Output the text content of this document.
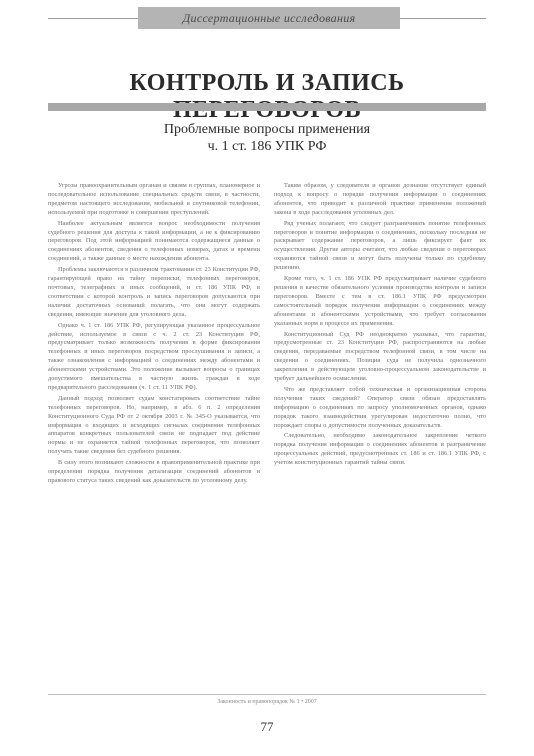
Диссертационные исследования
КОНТРОЛЬ И ЗАПИСЬ
Проблемные вопросы применения
ч. 1 ст. 186 УПК РФ

Угрозы правоохранительным органам и связям в группах, планомерное и последовательное использование специальных средств связи, в частности, предметом настоящего исследования, мобильной и спутниковой телефонии, используемой при подготовке и совершении преступлений.

Наиболее актуальным является вопрос необходимости получения судебного решения для доступа к такой информации, а не к фиксированию переговоров. Под этой информацией понимаются содержащиеся данные о соединениях абонентов, сведения о телефонных номерах, датах и времени соединений, а также данные о месте нахождения абонента.

Проблемы заключаются в различном трактовании ст. 23 Конституции РФ, гарантирующей право на тайну переписки, телефонных переговоров, почтовых, телеграфных и иных сообщений, и ст. 186 УПК РФ, в соответствии с которой контроль и запись переговоров допускаются при наличии достаточных оснований полагать, что они могут содержать сведения, имеющие значение для уголовного дела.

Однако ч. 1 ст. 186 УПК РФ, регулирующая указанное процессуальное действие, используемое в связи с ч. 2 ст. 23 Конституции РФ, предусматривает только возможность получения в форме фиксирования телефонных и иных переговоров посредством прослушивания и записи, а также ознакомления с информацией о соединениях между абонентами и абонентскими устройствами. Это положение вызывает вопросы о границах допустимого вмешательства в частную жизнь граждан в ходе предварительного расследования (ч. 1 ст. 11 УПК РФ).

Данный подход позволяет судам констатировать соответствие тайне телефонных переговоров. Но, например, в абз. 6 п. 2 определения Конституционного Суда РФ от 2 октября 2003 г. № 345-О указывается, что информация о входящих и исходящих сигналах соединения телефонных аппаратов конкретных пользователей связи не подпадает под действие нормы и не охраняется тайной телефонных переговоров, что позволяет получать такие сведения без судебного решения.

В силу этого возникают сложности в правоприменительной практике при определении порядка получения детализации соединений абонентов и правового статуса таких сведений как доказательств по уголовному делу.

Таким образом, у следователя и органов дознания отсутствует единый подход к вопросу о порядке получения информации о соединениях абонентов, что приводит к различной практике применения положений закона в ходе расследования уголовных дел.

Ряд ученых полагают, что следует разграничивать понятие телефонных переговоров и понятие информации о соединениях, поскольку последняя не раскрывает содержание переговоров, а лишь фиксирует факт их осуществления. Другие авторы считают, что любые сведения о переговорах охраняются тайной связи и могут быть получены только по судебному решению.

Кроме того, ч. 1 ст. 186 УПК РФ предусматривает наличие судебного решения в качестве обязательного условия производства контроля и записи переговоров. Вместе с тем в ст. 186.1 УПК РФ предусмотрен самостоятельный порядок получения информации о соединениях между абонентами и абонентскими устройствами, что требует согласования указанных норм в процессе их применения.

Конституционный Суд РФ неоднократно указывал, что гарантии, предусмотренные ст. 23 Конституции РФ, распространяются на любые сведения, передаваемые посредством телефонной связи, в том числе на сведения о соединениях. Позиция суда не получила однозначного закрепления в действующем уголовно-процессуальном законодательстве и требует дальнейшего осмысления.

Что же представляет собой техническая и организационная сторона получения таких сведений? Оператор связи обязан предоставлять информацию о соединениях по запросу уполномоченных органов, однако порядок такого взаимодействия урегулирован недостаточно полно, что порождает споры о допустимости полученных доказательств.

Следовательно, необходимо законодательное закрепление четкого порядка получения информации о соединениях абонентов и разграничение процессуальных действий, предусмотренных ст. 186 и ст. 186.1 УПК РФ, с учетом конституционных гарантий тайны связи.

Законность и правопорядок № 1 • 2007
77
